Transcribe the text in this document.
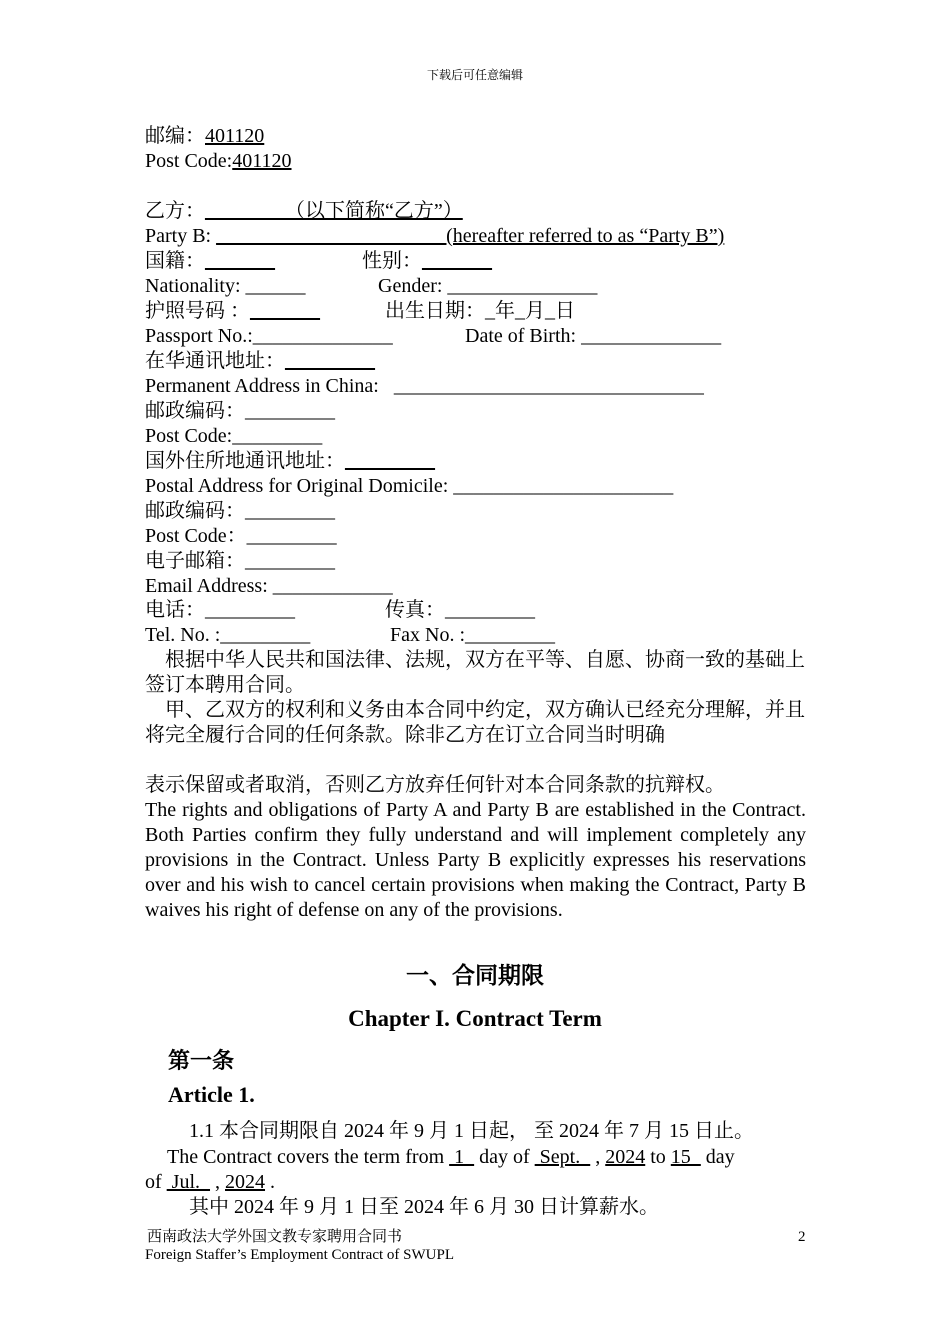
下载后可任意编辑
邮编：401120
Post Code:401120
乙方：________（以下简称“乙方”）
Party B: _______________________(hereafter referred to as “Party B”)
国籍：_______	性别：_______
Nationality: ______	Gender: _______________
护照号码 ：_______	出生日期：_年_月_日
Passport No.:______________	Date of Birth: ______________
在华通讯地址：_________
Permanent Address in China:   _______________________________
邮政编码：_________
Post Code:_________
国外住所地通讯地址：_________
Postal Address for Original Domicile: ______________________
邮政编码：_________
Post Code：_________
电子邮箱：_________
Email Address: ____________
电话：_________	传真：_________
Tel. No. :_________	Fax No. :_________
根据中华人民共和国法律、法规，双方在平等、自愿、协商一致的基础上签订本聘用合同。
甲、乙双方的权利和义务由本合同中约定，双方确认已经充分理解，并且将完全履行合同的任何条款。除非乙方在订立合同当时明确
表示保留或者取消，否则乙方放弃任何针对本合同条款的抗辩权。
The rights and obligations of Party A and Party B are established in the Contract. Both Parties confirm they fully understand and will implement completely any provisions in the Contract. Unless Party B explicitly expresses his reservations over and his wish to cancel certain provisions when making the Contract, Party B waives his right of defense on any of the provisions.
一、合同期限
Chapter I. Contract Term
第一条
Article 1.
1.1 本合同期限自 2024 年 9 月 1 日起， 至 2024 年 7 月 15 日止。
The Contract covers the term from  1   day of  Sept.   , 2024 to 15   day
of  Jul.   , 2024 .
其中 2024 年 9 月 1 日至 2024 年 6 月 30 日计算薪水。
西南政法大学外国文教专家聘用合同书
Foreign Staffer’s Employment Contract of SWUPL
2
